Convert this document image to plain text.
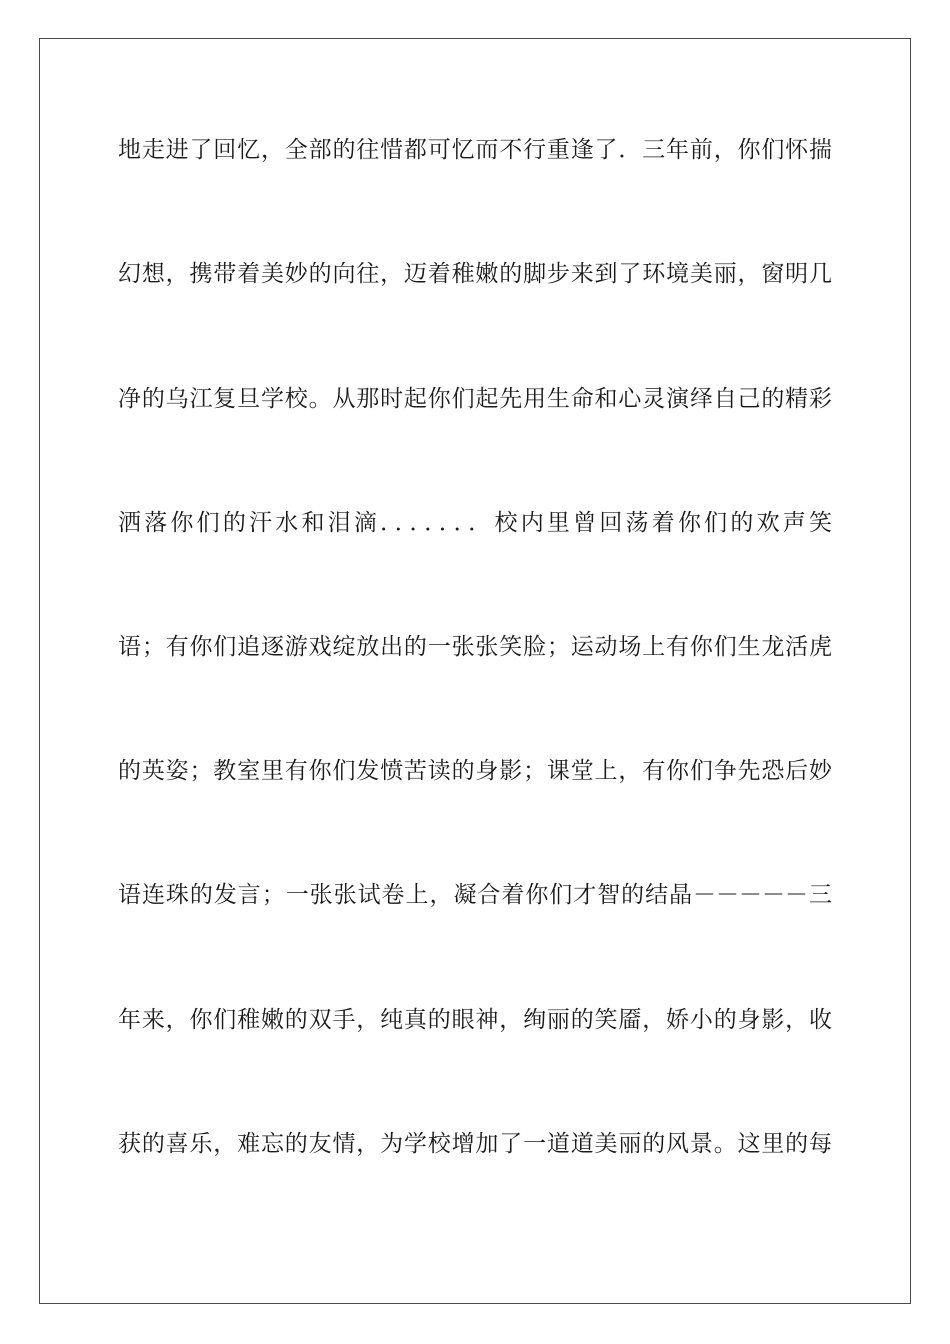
地走进了回忆，全部的往惜都可忆而不行重逢了．三年前，你们怀揣

幻想，携带着美妙的向往，迈着稚嫩的脚步来到了环境美丽，窗明几

净的乌江复旦学校。从那时起你们起先用生命和心灵演绎自己的精彩

洒落你们的汗水和泪滴．．．．．．．校内里曾回荡着你们的欢声笑

语；有你们追逐游戏绽放出的一张张笑脸；运动场上有你们生龙活虎

的英姿；教室里有你们发愤苦读的身影；课堂上，有你们争先恐后妙

语连珠的发言；一张张试卷上，凝合着你们才智的结晶－－－－－三

年来，你们稚嫩的双手，纯真的眼神，绚丽的笑靥，娇小的身影，收

获的喜乐，难忘的友情，为学校增加了一道道美丽的风景。这里的每
